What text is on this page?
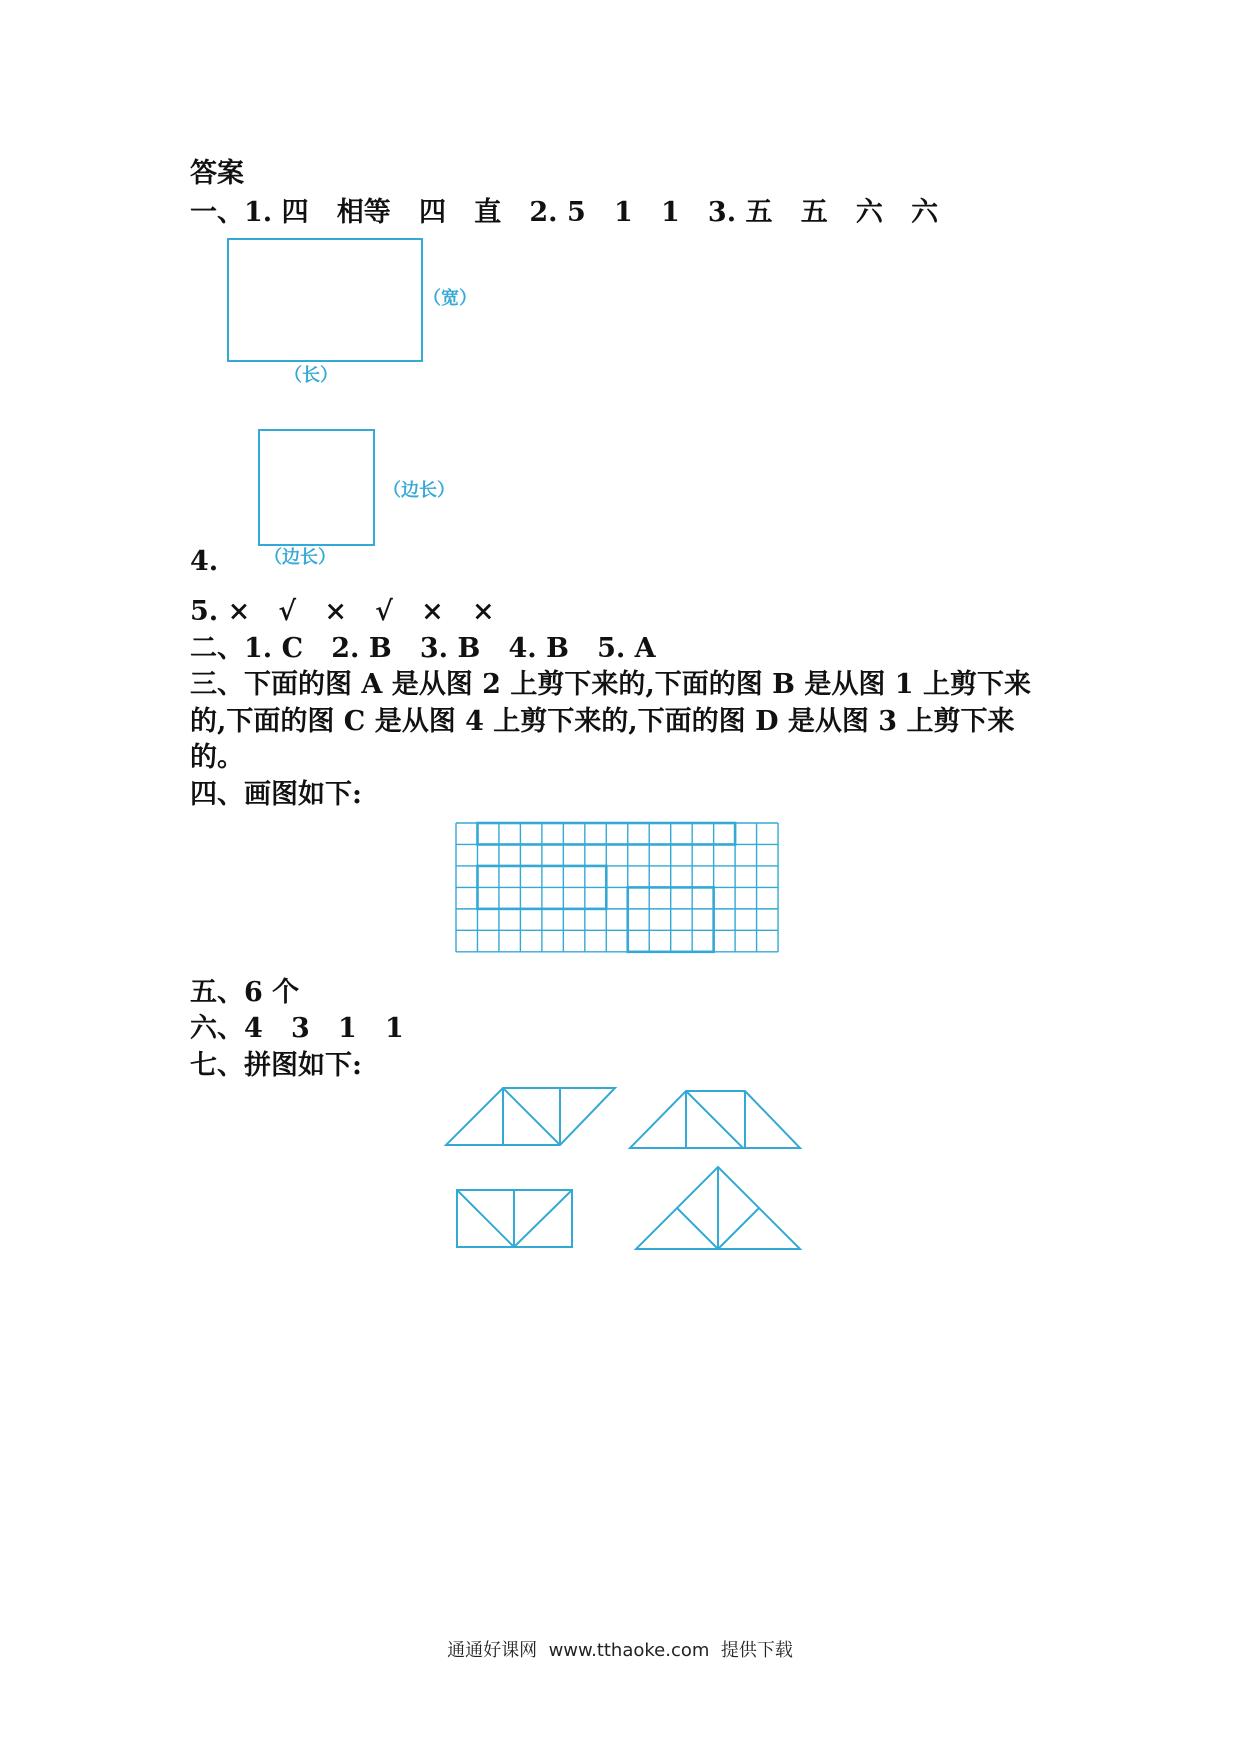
答案
一、1. 四   相等   四   直   2. 5   1   1   3. 五   五   六   六
（宽）
（长）
（边长）
（边长）
4.
5. ×   √   ×   √   ×   ×
二、1. C   2. B   3. B   4. B   5. A
三、下面的图 A 是从图 2 上剪下来的,下面的图 B 是从图 1 上剪下来
的,下面的图 C 是从图 4 上剪下来的,下面的图 D 是从图 3 上剪下来
的。
四、画图如下:
五、6 个
六、4   3   1   1
七、拼图如下:
通通好课网  www.tthaoke.com  提供下载
